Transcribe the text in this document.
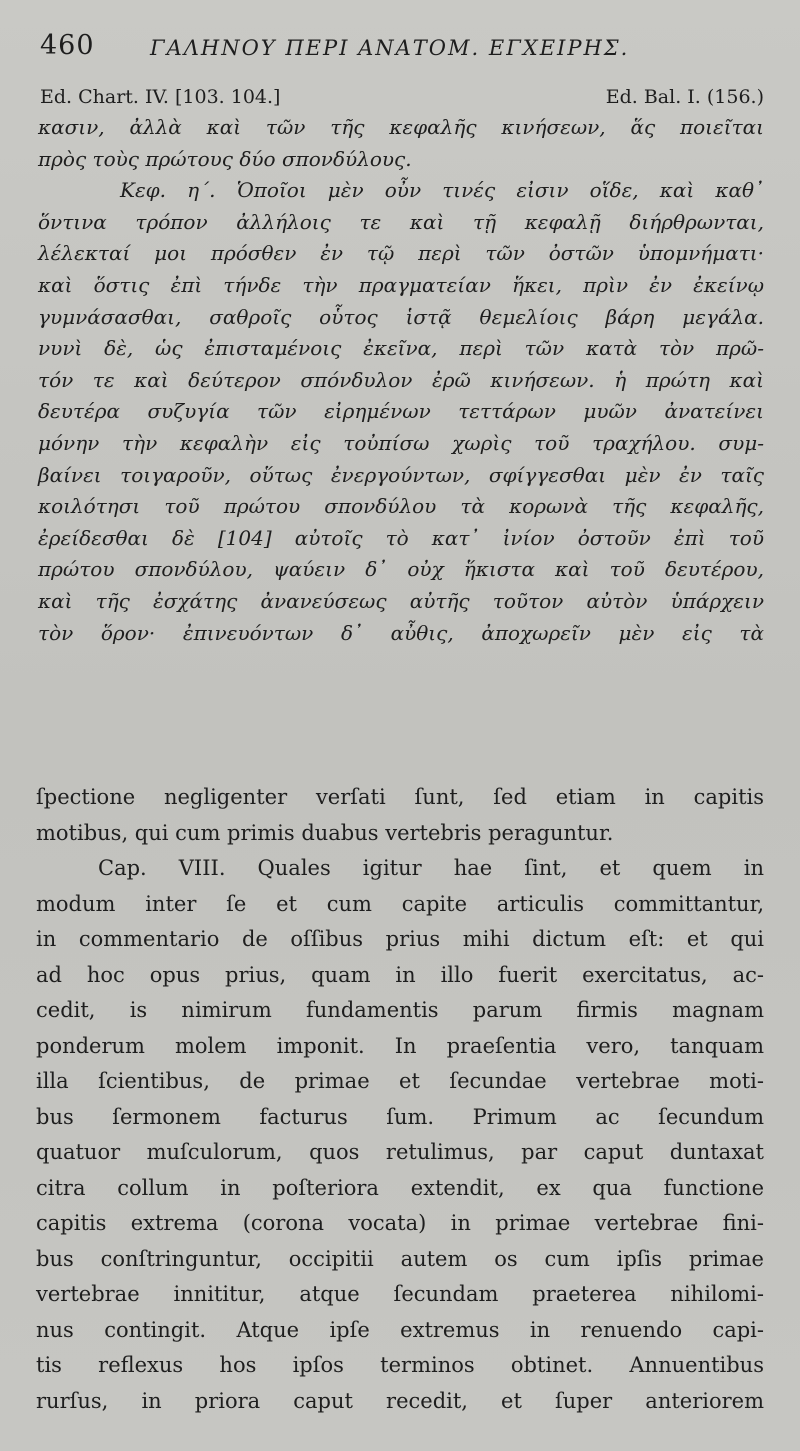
460	ΓΑΛΗΝΟΥ ΠΕΡΙ ΑΝΑΤΟΜ. ΕΓΧΕΙΡΗΣ.
Ed. Chart. IV. [103. 104.]	Ed. Bal. I. (156.)
κασιν, ἀλλὰ καὶ τῶν τῆς κεφαλῆς κινήσεων, ἅς ποιεῖται
πρὸς τοὺς πρώτους δύο σπονδύλους.
Κεφ. η΄. Ὁποῖοι μὲν οὖν τινές εἰσιν οἵδε, καὶ καθ᾿
ὅντινα τρόπον ἀλλήλοις τε καὶ τῇ κεφαλῇ διήρθρωνται,
λέλεκταί μοι πρόσθεν ἐν τῷ περὶ τῶν ὀστῶν ὑπομνήματι·
καὶ ὅστις ἐπὶ τήνδε τὴν πραγματείαν ἥκει, πρὶν ἐν ἐκείνῳ
γυμνάσασθαι, σαθροῖς οὗτος ἱστᾷ θεμελίοις βάρη μεγάλα.
νυνὶ δὲ, ὡς ἐπισταμένοις ἐκεῖνα, περὶ τῶν κατὰ τὸν πρῶ-
τόν τε καὶ δεύτερον σπόνδυλον ἐρῶ κινήσεων. ἡ πρώτη καὶ
δευτέρα συζυγία τῶν εἰρημένων τεττάρων μυῶν ἀνατείνει
μόνην τὴν κεφαλὴν εἰς τοὐπίσω χωρὶς τοῦ τραχήλου. συμ-
βαίνει τοιγαροῦν, οὕτως ἐνεργούντων, σφίγγεσθαι μὲν ἐν ταῖς
κοιλότησι τοῦ πρώτου σπονδύλου τὰ κορωνὰ τῆς κεφαλῆς,
ἐρείδεσθαι δὲ [104] αὐτοῖς τὸ κατ᾿ ἰνίον ὀστοῦν ἐπὶ τοῦ
πρώτου σπονδύλου, ψαύειν δ᾿ οὐχ ἥκιστα καὶ τοῦ δευτέρου,
καὶ τῆς ἐσχάτης ἀνανεύσεως αὐτῆς τοῦτον αὐτὸν ὑπάρχειν
τὸν ὅρον· ἐπινευόντων δ᾿ αὖθις, ἀποχωρεῖν μὲν εἰς τὰ
ſpectione negligenter verſati ſunt, ſed etiam in capitis
motibus, qui cum primis duabus vertebris peraguntur.
Cap. VIII. Quales igitur hae ſint, et quem in
modum inter ſe et cum capite articulis committantur,
in commentario de oſſibus prius mihi dictum eſt: et qui
ad hoc opus prius, quam in illo fuerit exercitatus, ac-
cedit, is nimirum fundamentis parum firmis magnam
ponderum molem imponit. In praeſentia vero, tanquam
illa ſcientibus, de primae et ſecundae vertebrae moti-
bus ſermonem facturus ſum. Primum ac ſecundum
quatuor muſculorum, quos retulimus, par caput duntaxat
citra collum in poſteriora extendit, ex qua functione
capitis extrema (corona vocata) in primae vertebrae fini-
bus conſtringuntur, occipitii autem os cum ipſis primae
vertebrae innititur, atque ſecundam praeterea nihilomi-
nus contingit. Atque ipſe extremus in renuendo capi-
tis reflexus hos ipſos terminos obtinet. Annuentibus
rurſus, in priora caput recedit, et ſuper anteriorem
